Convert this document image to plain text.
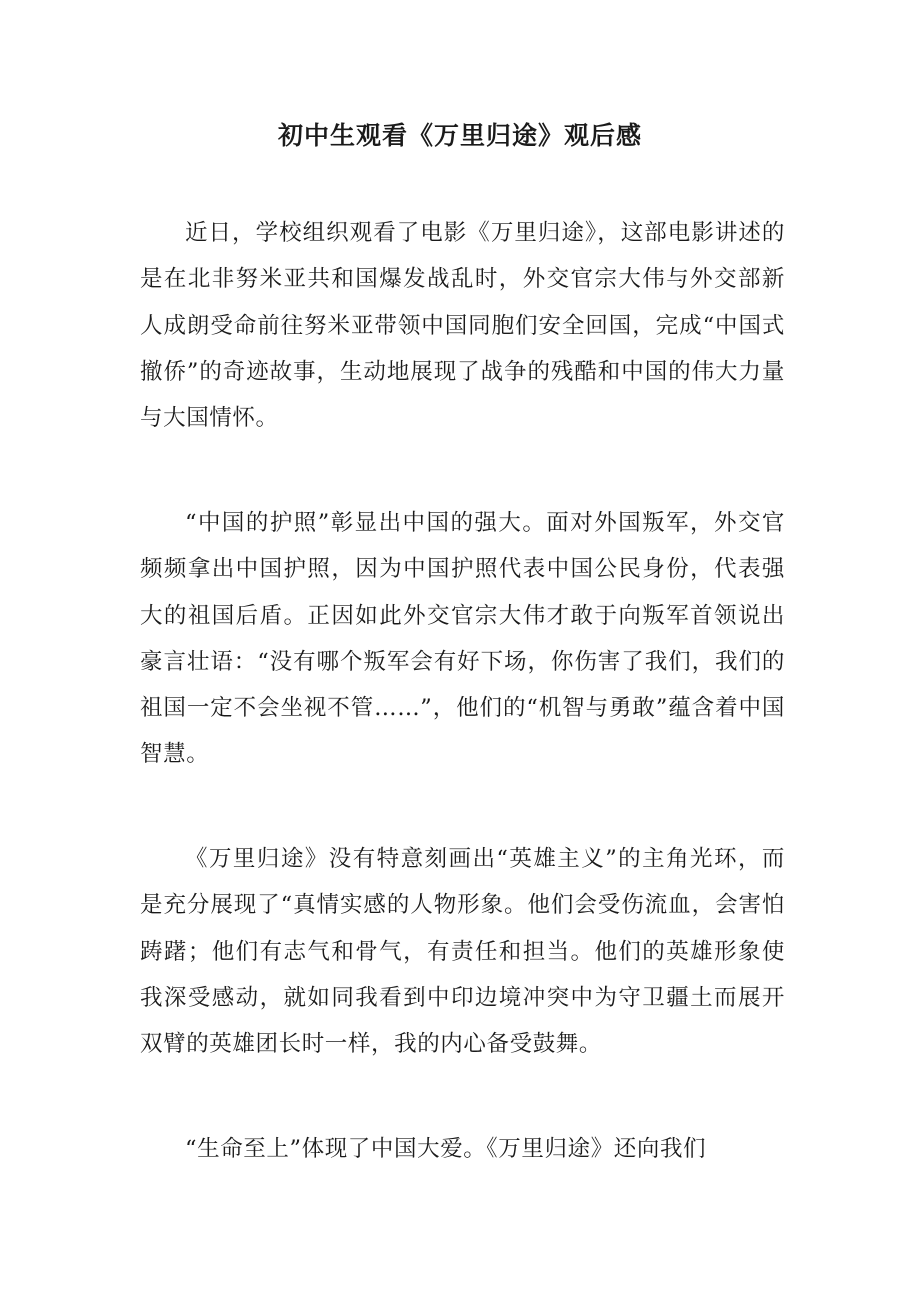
初中生观看《万里归途》观后感

近日，学校组织观看了电影《万里归途》，这部电影讲述的是在北非努米亚共和国爆发战乱时，外交官宗大伟与外交部新人成朗受命前往努米亚带领中国同胞们安全回国，完成“中国式撤侨”的奇迹故事，生动地展现了战争的残酷和中国的伟大力量与大国情怀。

“中国的护照”彰显出中国的强大。面对外国叛军，外交官频频拿出中国护照，因为中国护照代表中国公民身份，代表强大的祖国后盾。正因如此外交官宗大伟才敢于向叛军首领说出豪言壮语：“没有哪个叛军会有好下场，你伤害了我们，我们的祖国一定不会坐视不管……”，他们的“机智与勇敢”蕴含着中国智慧。

《万里归途》没有特意刻画出“英雄主义”的主角光环，而是充分展现了“真情实感的人物形象。他们会受伤流血，会害怕踌躇；他们有志气和骨气，有责任和担当。他们的英雄形象使我深受感动，就如同我看到中印边境冲突中为守卫疆土而展开双臂的英雄团长时一样，我的内心备受鼓舞。

“生命至上”体现了中国大爱。《万里归途》还向我们
